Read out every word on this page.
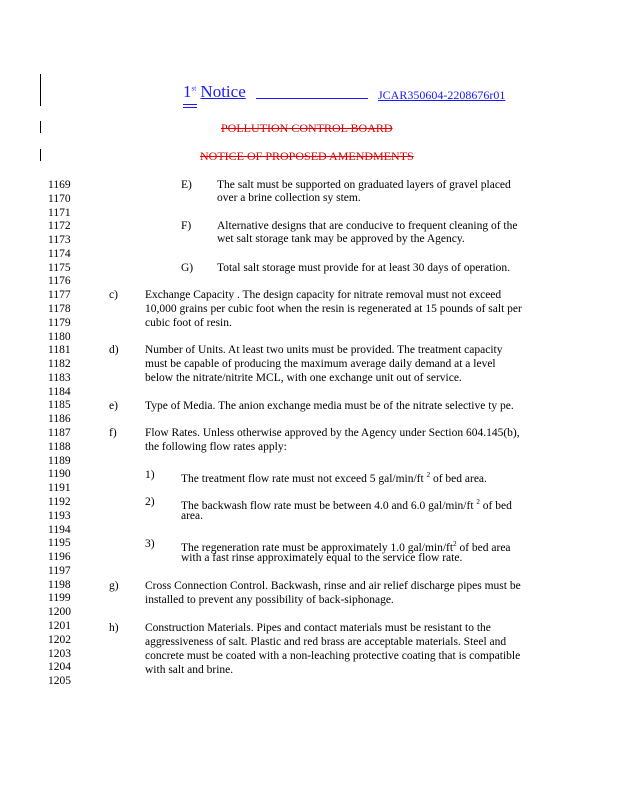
1st Notice	JCAR350604-2208676r01
POLLUTION CONTROL BOARD
NOTICE OF PROPOSED AMENDMENTS
1169
1170
1171
1172
1173
1174
1175
1176
1177
1178
1179
1180
1181
1182
1183
1184
1185
1186
1187
1188
1189
1190
1191
1192
1193
1194
1195
1196
1197
1198
1199
1200
1201
1202
1203
1204
1205
E) The salt must be supported on graduated layers of gravel placed
over a brine collection sy stem.
F) Alternative designs that are conducive to frequent cleaning of the
wet salt storage tank may be approved by the Agency.
G) Total salt storage must provide for at least 30 days of operation.
c) Exchange Capacity . The design capacity for nitrate removal must not exceed
10,000 grains per cubic foot when the resin is regenerated at 15 pounds of salt per
cubic foot of resin.
d) Number of Units. At least two units must be provided. The treatment capacity
must be capable of producing the maximum average daily demand at a level
below the nitrate/nitrite MCL, with one exchange unit out of service.
e) Type of Media. The anion exchange media must be of the nitrate selective ty pe.
f) Flow Rates. Unless otherwise approved by the Agency under Section 604.145(b),
the following flow rates apply:
1) The treatment flow rate must not exceed 5 gal/min/ft $^2$ of bed area.
2) The backwash flow rate must be between 4.0 and 6.0 gal/min/ft $^2$ of bed
area.
3) The regeneration rate must be approximately 1.0 gal/$\min/ft^2$ of bed area
with a fast rinse approximately equal to the service flow rate.
g) Cross Connection Control. Backwash, rinse and air relief discharge pipes must be
installed to prevent any possibility of back-siphonage.
h) Construction Materials. Pipes and contact materials must be resistant to the
aggressiveness of salt. Plastic and red brass are acceptable materials. Steel and
concrete must be coated with a non-leaching protective coating that is compatible
with salt and brine.
